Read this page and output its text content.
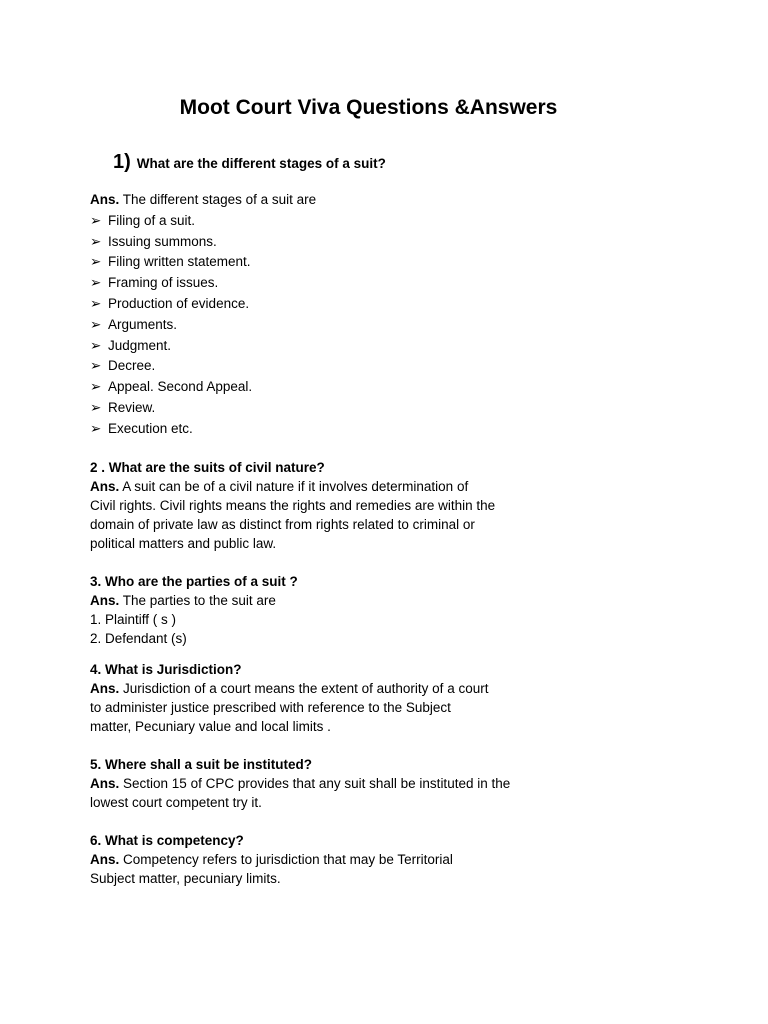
Moot Court Viva Questions &Answers
1) What are the different stages of a suit?
Ans. The different stages of a suit are
➢ Filing of a suit.
➢ Issuing summons.
➢ Filing written statement.
➢ Framing of issues.
➢ Production of evidence.
➢ Arguments.
➢ Judgment.
➢ Decree.
➢ Appeal. Second Appeal.
➢ Review.
➢ Execution etc.
2 . What are the suits of civil nature?
Ans. A suit can be of a civil nature if it involves determination of
Civil rights. Civil rights means the rights and remedies are within the
domain of private law as distinct from rights related to criminal or
political matters and public law.
3. Who are the parties of a suit ?
Ans. The parties to the suit are
1. Plaintiff ( s )
2. Defendant (s)
4. What is Jurisdiction?
Ans. Jurisdiction of a court means the extent of authority of a court
to administer justice prescribed with reference to the Subject
matter, Pecuniary value and local limits .
5. Where shall a suit be instituted?
Ans. Section 15 of CPC provides that any suit shall be instituted in the
lowest court competent try it.
6. What is competency?
Ans. Competency refers to jurisdiction that may be Territorial
Subject matter, pecuniary limits.
